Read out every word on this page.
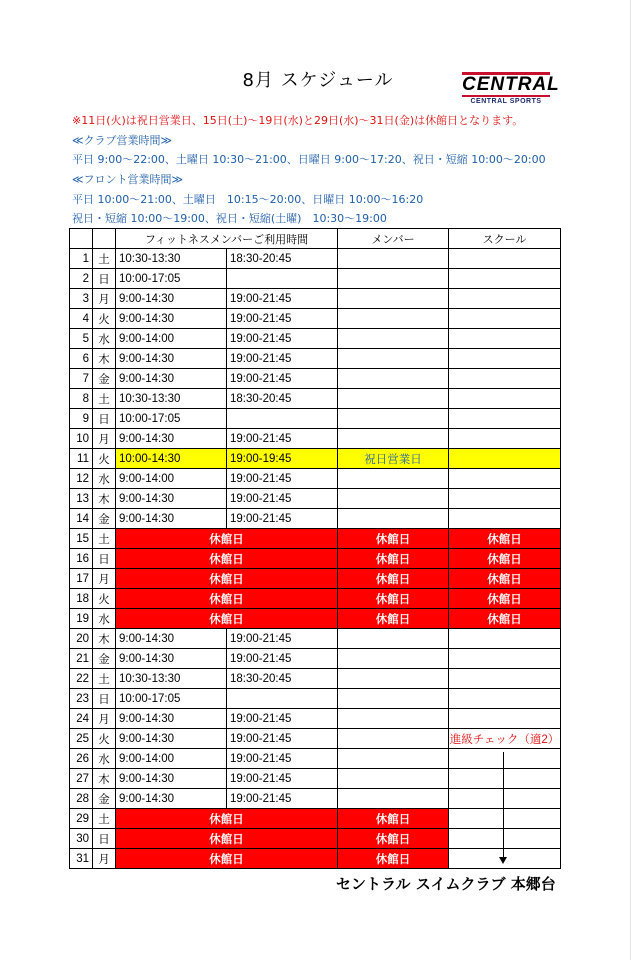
8月 スケジュール	CENTRAL
CENTRAL SPORTS
※11日(火)は祝日営業日、15日(土)～19日(水)と29日(水)～31日(金)は休館日となります。
≪クラブ営業時間≫
平日 9:00～22:00、土曜日 10:30～21:00、日曜日 9:00～17:20、祝日・短縮 10:00～20:00
≪フロント営業時間≫
平日 10:00～21:00、土曜日　10:15～20:00、日曜日 10:00～16:20
祝日・短縮 10:00～19:00、祝日・短縮(土曜)　10:30～19:00
		フィットネスメンバーご利用時間		メンバー	スクール
1	土	10:30-13:30	18:30-20:45		
2	日	10:00-17:05			
3	月	9:00-14:30	19:00-21:45		
4	火	9:00-14:30	19:00-21:45		
5	水	9:00-14:00	19:00-21:45		
6	木	9:00-14:30	19:00-21:45		
7	金	9:00-14:30	19:00-21:45		
8	土	10:30-13:30	18:30-20:45		
9	日	10:00-17:05			
10	月	9:00-14:30	19:00-21:45		
11	火	10:00-14:30	19:00-19:45	祝日営業日	
12	水	9:00-14:00	19:00-21:45		
13	木	9:00-14:30	19:00-21:45		
14	金	9:00-14:30	19:00-21:45		
15	土	休館日		休館日	休館日
16	日	休館日		休館日	休館日
17	月	休館日		休館日	休館日
18	火	休館日		休館日	休館日
19	水	休館日		休館日	休館日
20	木	9:00-14:30	19:00-21:45		
21	金	9:00-14:30	19:00-21:45		
22	土	10:30-13:30	18:30-20:45		
23	日	10:00-17:05			
24	月	9:00-14:30	19:00-21:45		
25	火	9:00-14:30	19:00-21:45		進級チェック（適2）
26	水	9:00-14:00	19:00-21:45		
27	木	9:00-14:30	19:00-21:45		
28	金	9:00-14:30	19:00-21:45		
29	土	休館日		休館日	
30	日	休館日		休館日	
31	月	休館日		休館日	
セントラル スイムクラブ 本郷台
